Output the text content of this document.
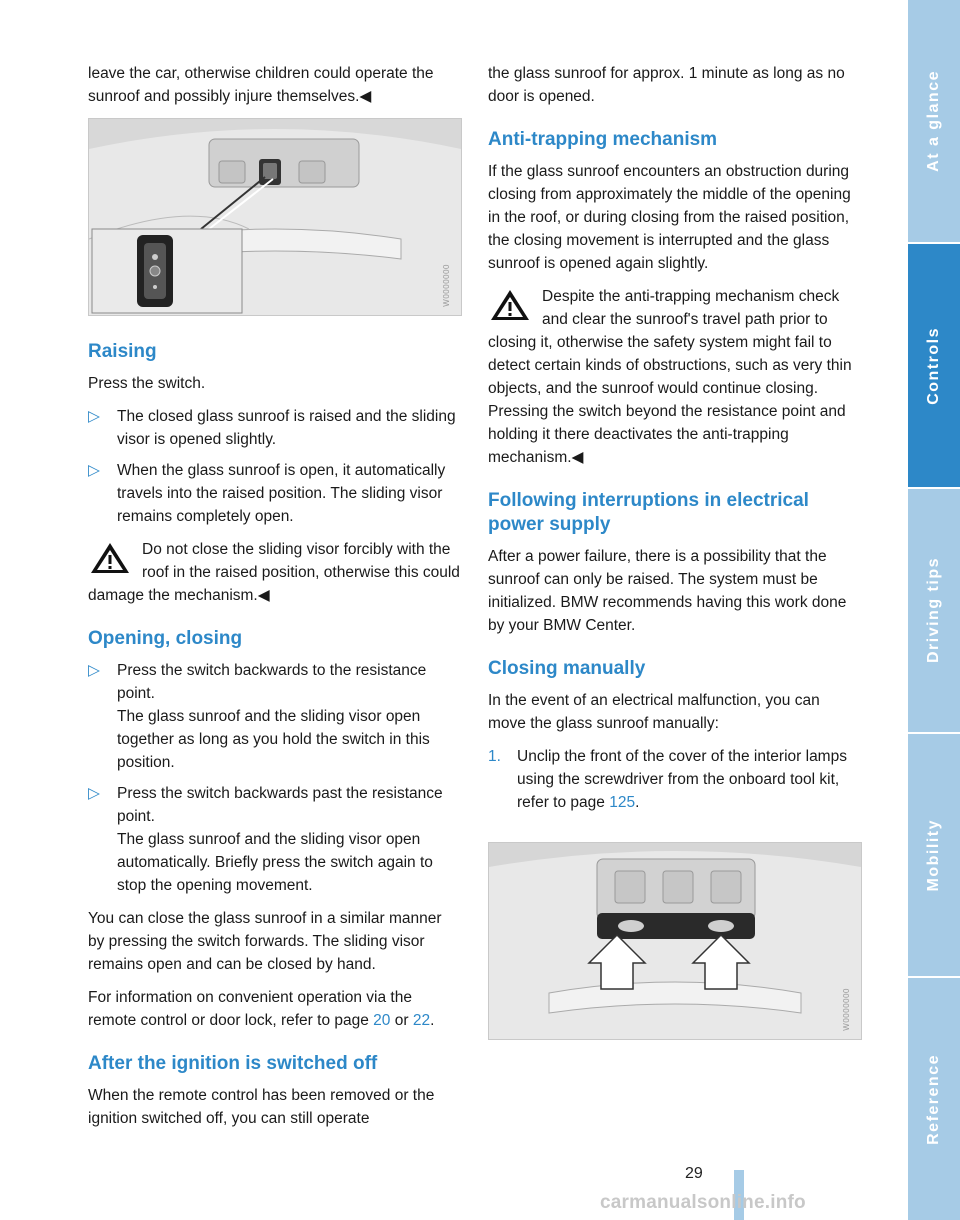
leave the car, otherwise children could operate the sunroof and possibly injure themselves.◀

W0000000
Raising

Press the switch.

▷ The closed glass sunroof is raised and the sliding visor is opened slightly.
▷ When the glass sunroof is open, it automatically travels into the raised position. The sliding visor remains completely open.
Do not close the sliding visor forcibly with the roof in the raised position, otherwise this could damage the mechanism.◀
Opening, closing
▷ Press the switch backwards to the resistance point.
The glass sunroof and the sliding visor open together as long as you hold the switch in this position.
▷ Press the switch backwards past the resistance point.
The glass sunroof and the sliding visor open automatically. Briefly press the switch again to stop the opening movement.

You can close the glass sunroof in a similar manner by pressing the switch forwards. The sliding visor remains open and can be closed by hand.

For information on convenient operation via the remote control or door lock, refer to page 20 or 22.

After the ignition is switched off

When the remote control has been removed or the ignition switched off, you can still operate

the glass sunroof for approx. 1 minute as long as no door is opened.

Anti-trapping mechanism

If the glass sunroof encounters an obstruction during closing from approximately the middle of the opening in the roof, or during closing from the raised position, the closing movement is interrupted and the glass sunroof is opened again slightly.

Despite the anti-trapping mechanism check and clear the sunroof's travel path prior to closing it, otherwise the safety system might fail to detect certain kinds of obstructions, such as very thin objects, and the sunroof would continue closing.
Pressing the switch beyond the resistance point and holding it there deactivates the anti-trapping mechanism.◀
Following interruptions in electrical power supply

After a power failure, there is a possibility that the sunroof can only be raised. The system must be initialized. BMW recommends having this work done by your BMW Center.

Closing manually

In the event of an electrical malfunction, you can move the glass sunroof manually:

1. Unclip the front of the cover of the interior lamps using the screwdriver from the onboard tool kit, refer to page 125.
W0000000
At a glance
Controls
Driving tips
Mobility
Reference
29
carmanualsonline.info
